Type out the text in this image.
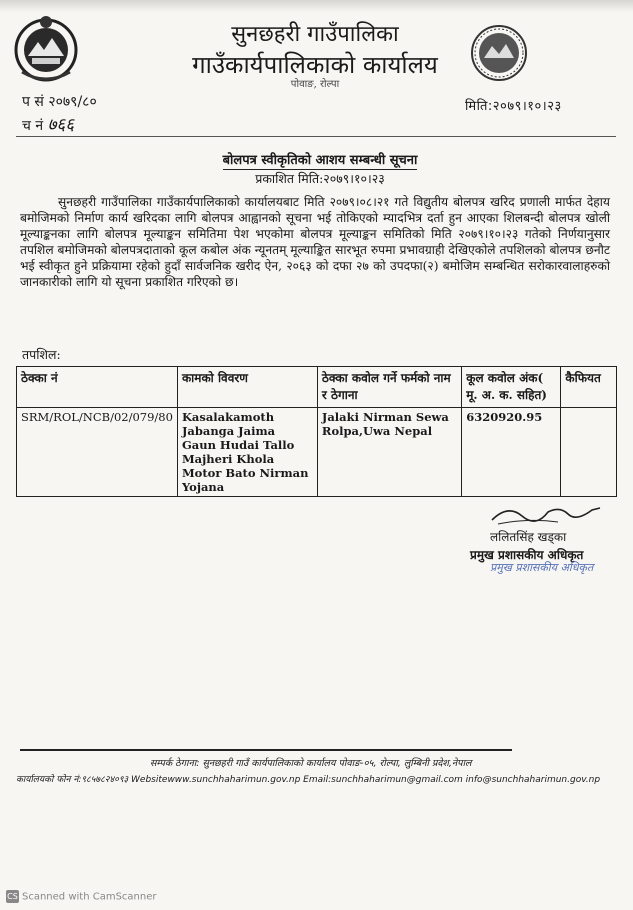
सुनछहरी गाउँपालिका
गाउँकार्यपालिकाको कार्यालय
पोवाङ, रोल्पा
प सं २०७९/८०
च नं ७६६
मिति:२०७९।१०।२३
बोलपत्र स्वीकृतिको आशय सम्बन्धी सूचना
प्रकाशित मिति:२०७९।१०।२३

सुनछहरी गाउँपालिका गाउँकार्यपालिकाको कार्यालयबाट मिति २०७९।०८।२१ गते विद्युतीय बोलपत्र खरिद प्रणाली मार्फत देहाय बमोजिमको निर्माण कार्य खरिदका लागि बोलपत्र आह्वानको सूचना भई तोकिएको म्यादभित्र दर्ता हुन आएका शिलबन्दी बोलपत्र खोली मूल्याङ्कनका लागि बोलपत्र मूल्याङ्कन समितिमा पेश भएकोमा बोलपत्र मूल्याङ्कन समितिको मिति २०७९।१०।२३ गतेको निर्णयानुसार तपशिल बमोजिमको बोलपत्रदाताको कूल कबोल अंक न्यूनतम् मूल्याङ्कित सारभूत रुपमा प्रभावग्राही देखिएकोले तपशिलको बोलपत्र छनौट भई स्वीकृत हुने प्रक्रियामा रहेको हुदाँ सार्वजनिक खरीद ऐन, २०६३ को दफा २७ को उपदफा(२) बमोजिम सम्बन्धित सरोकारवालाहरुको जानकारीको लागि यो सूचना प्रकाशित गरिएको छ।

तपशिल:
ठेक्का नं	कामको विवरण	ठेक्का कवोल गर्ने फर्मको नाम र ठेगाना	कूल कवोल अंक( मू. अ. क. सहित)	कैफियत
SRM/ROL/NCB/02/079/80	Kasalakamoth Jabanga Jaima Gaun Hudai Tallo Majheri Khola Motor Bato Nirman Yojana	Jalaki Nirman Sewa Rolpa,Uwa Nepal	6320920.95	
ललितसिंह खड्का
प्रमुख प्रशासकीय अधिकृत
प्रमुख प्रशासकीय अधिकृत
सम्पर्क ठेगाना: सुनछहरी गाउँ कार्यपालिकाको कार्यालय पोवाङ-०५, रोल्पा, लुम्बिनी प्रदेश,नेपाल
कार्यालयको फोन नं:९८५७८२४०९३ Websitewww.sunchhaharimun.gov.np Email:sunchhaharimun@gmail.com info@sunchhaharimun.gov.np
CS Scanned with CamScanner
